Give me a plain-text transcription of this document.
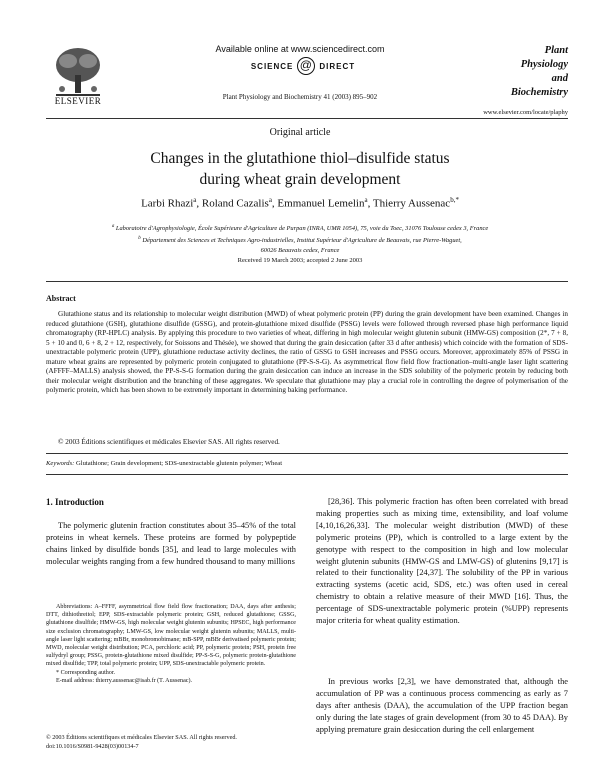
Available online at www.sciencedirect.com
SCIENCE @ DIRECT
ELSEVIER	Plant Physiology and Biochemistry 41 (2003) 895–902
Plant
Physiology
and
Biochemistry
www.elsevier.com/locate/plaphy
Original article
Changes in the glutathione thiol–disulfide status
during wheat grain development
Larbi Rhazi$^a$, Roland Cazalis$^a$, Emmanuel Lemelin$^a$, Thierry Aussenac$^{b,*}$
$^a$ Laboratoire d'Agrophysiologie, École Supérieure d'Agriculture de Purpan (INRA, UMR 1054), 75, voie du Toec, 31076 Toulouse cedex 3, France
$^b$ Département des Sciences et Techniques Agro-industrielles, Institut Supérieur d'Agriculture de Beauvais, rue Pierre-Waguet,
60026 Beauvais cedex, France
Received 19 March 2003; accepted 2 June 2003
Abstract
Glutathione status and its relationship to molecular weight distribution (MWD) of wheat polymeric protein (PP) during the grain development have been examined. Changes in reduced glutathione (GSH), glutathione disulfide (GSSG), and protein-glutathione mixed disulfide (PSSG) levels were followed through reversed phase high performance liquid chromatography (RP-HPLC) analysis. By applying this procedure to two varieties of wheat, differing in high molecular weight glutenin subunit (HMW-GS) composition (2*, 7 + 8, 5 + 10 and 0, 6 + 8, 2 + 12, respectively, for Soissons and Thésée), we showed that during the grain desiccation (after 33 d after anthesis) which coincide with the formation of SDS-unextractable polymeric protein (UPP), glutathione reductase activity declines, the ratio of GSSG to GSH increases and PSSG occurs. Moreover, approximately 85% of PSSG in mature wheat grains are represented by polymeric protein conjugated to glutathione (PP-S-S-G). As asymmetrical flow field flow fractionation–multi-angle laser light scattering (AFFFF–MALLS) analysis showed, the PP-S-S-G formation during the grain desiccation can induce an increase in the SDS solubility of the polymeric protein by reducing both their molecular weight distribution and the branching of these aggregates. We speculate that glutathione may play a crucial role in controlling the degree of polymerisation of the polymeric protein, which has been shown to be extremely important in determining baking performance.
© 2003 Éditions scientifiques et médicales Elsevier SAS. All rights reserved.
Keywords: Glutathione; Grain development; SDS-unextractable glutenin polymer; Wheat
1. Introduction
The polymeric glutenin fraction constitutes about 35–45% of the total proteins in wheat kernels. These proteins are formed by polypeptide chains linked by disulfide bonds [35], and lead to large molecules with molecular weights ranging from a few hundred thousand to many millions
Abbreviations: A–FFFF, asymmetrical flow field flow fractionation; DAA, days after anthesis; DTT, dithiothreitol; EPP, SDS-extractable polymeric protein; GSH, reduced glutathione; GSSG, glutathione disulfide; HMW-GS, high molecular weight glutenin subunits; HPSEC, high performance size exclusion chromatography; LMW-GS, low molecular weight glutenin subunits; MALLS, multi-angle laser light scattering; mBBr, monobromobimane; mB-SPP, mBBr derivatised polymeric protein; MWD, molecular weight distribution; PCA, perchloric acid; PP, polymeric protein; PSH, protein free sulfydryl group; PSSG, protein-glutathione mixed disulfide; PP-S-S-G, polymeric protein-glutathione mixed disulfide; TPP, total polymeric protein; UPP, SDS-unextractable polymeric protein.
* Corresponding author.
E-mail address: thierry.aussenac@isab.fr (T. Aussenac).
© 2003 Éditions scientifiques et médicales Elsevier SAS. All rights reserved.
doi:10.1016/S0981-9428(03)00134-7
[28,36]. This polymeric fraction has often been correlated with bread making properties such as mixing time, extensibility, and loaf volume [4,10,16,26,33]. The molecular weight distribution (MWD) of these polymeric proteins (PP), which is controlled to a large extent by the genotype with respect to the composition in high and low molecular weight glutenin subunits (HMW-GS and LMW-GS) of glutenins [9,17] is related to their functionality [24,37]. The solubility of the PP in various extracting systems (acetic acid, SDS, etc.) was often used in cereal chemistry to obtain a relative measure of their MWD [16]. Thus, the percentage of SDS-unextractable polymeric protein (%UPP) represents major criteria for wheat quality estimation.
In previous works [2,3], we have demonstrated that, although the accumulation of PP was a continuous process commencing as early as 7 days after anthesis (DAA), the accumulation of the UPP fraction began only during the late stages of grain development (from 30 to 45 DAA). By applying premature grain desiccation during the cell enlargement
